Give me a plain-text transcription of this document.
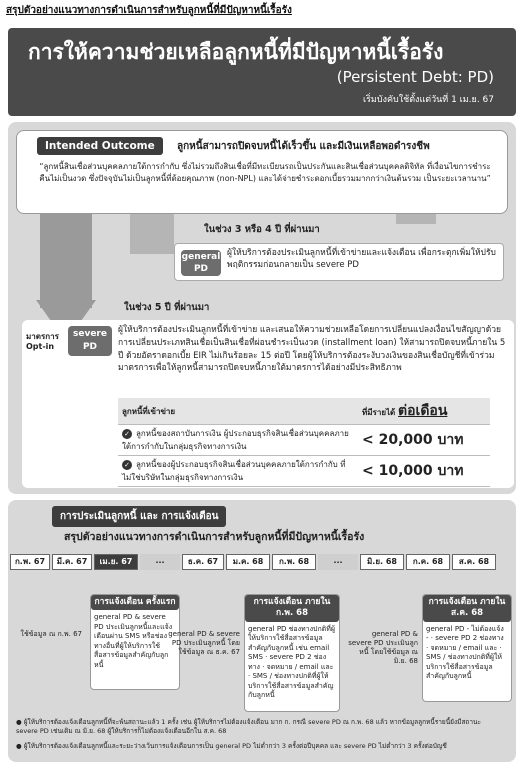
สรุปตัวอย่างแนวทางการดำเนินการสำหรับลูกหนี้ที่มีปัญหาหนี้เรื้อรัง
การให้ความช่วยเหลือลูกหนี้ที่มีปัญหาหนี้เรื้อรัง
(Persistent Debt: PD)
เริ่มบังคับใช้ตั้งแต่วันที่ 1 เม.ย. 67
Intended Outcome	ลูกหนี้สามารถปิดจบหนี้ได้เร็วขึ้น และมีเงินเหลือพอดำรงชีพ
“ลูกหนี้สินเชื่อส่วนบุคคลภายใต้การกำกับ ซึ่งไม่รวมถึงสินเชื่อที่มีทะเบียนรถเป็นประกันและสินเชื่อส่วนบุคคลดิจิทัล ที่เงื่อนไขการชำระคืนไม่เป็นงวด ซึ่งปัจจุบันไม่เป็นลูกหนี้ที่ด้อยคุณภาพ (non-NPL) และได้จ่ายชำระดอกเบี้ยรวมมากกว่าเงินต้นรวม เป็นระยะเวลานาน”
ในช่วง 3 หรือ 4 ปี ที่ผ่านมา
general PD
ผู้ให้บริการต้องประเมินลูกหนี้ที่เข้าข่ายและแจ้งเตือน เพื่อกระตุกเพิ่มให้ปรับพฤติกรรมก่อนกลายเป็น severe PD
ในช่วง 5 ปี ที่ผ่านมา
มาตรการ Opt-in
severe PD
ผู้ให้บริการต้องประเมินลูกหนี้ที่เข้าข่าย และเสนอให้ความช่วยเหลือโดยการเปลี่ยนแปลงเงื่อนไขสัญญาด้วยการเปลี่ยนประเภทสินเชื่อเป็นสินเชื่อที่ผ่อนชำระเป็นงวด (installment loan) ให้สามารถปิดจบหนี้ภายใน 5 ปี ด้วยอัตราดอกเบี้ย EIR ไม่เกินร้อยละ 15 ต่อปี โดยผู้ให้บริการต้องระงับวงเงินของสินเชื่อบัญชีที่เข้าร่วมมาตรการเพื่อให้ลูกหนี้สามารถปิดจบหนี้ภายใต้มาตรการได้อย่างมีประสิทธิภาพ
ลูกหนี้ที่เข้าข่าย	ที่มีรายได้ ต่อเดือน
✓ ลูกหนี้ของสถาบันการเงิน ผู้ประกอบธุรกิจสินเชื่อส่วนบุคคลภายใต้การกำกับในกลุ่มธุรกิจทางการเงิน	< 20,000 บาท
✓ ลูกหนี้ของผู้ประกอบธุรกิจสินเชื่อส่วนบุคคลภายใต้การกำกับ ที่ไม่ใช่บริษัทในกลุ่มธุรกิจทางการเงิน	< 10,000 บาท
การประเมินลูกหนี้ และ การแจ้งเตือน
สรุปตัวอย่างแนวทางการดำเนินการสำหรับลูกหนี้ที่มีปัญหาหนี้เรื้อรัง
ก.พ. 67	มี.ค. 67	เม.ย. 67	...	ธ.ค. 67	ม.ค. 68	ก.พ. 68	...	มิ.ย. 68	ก.ค. 68	ส.ค. 68
ใช้ข้อมูล ณ ก.พ. 67
การแจ้งเตือน ครั้งแรก
general PD & severe PD ประเมินลูกหนี้และแจ้งเตือนผ่าน SMS หรือช่องทางอื่นที่ผู้ให้บริการใช้สื่อสารข้อมูลสำคัญกับลูกหนี้
general PD & severe PD ประเมินลูกหนี้ โดยใช้ข้อมูล ณ ธ.ค. 67
การแจ้งเตือน ภายใน ก.พ. 68
general PD ช่องทางปกติที่ผู้ให้บริการใช้สื่อสารข้อมูลสำคัญกับลูกหนี้ เช่น email SMS · severe PD 2 ช่องทาง · จดหมาย / email และ · SMS / ช่องทางปกติที่ผู้ให้บริการใช้สื่อสารข้อมูลสำคัญกับลูกหนี้
general PD & severe PD ประเมินลูกหนี้ โดยใช้ข้อมูล ณ มิ.ย. 68
การแจ้งเตือน ภายใน ส.ค. 68
general PD - ไม่ต้องแจ้ง - · severe PD 2 ช่องทาง · จดหมาย / email และ · SMS / ช่องทางปกติที่ผู้ให้บริการใช้สื่อสารข้อมูลสำคัญกับลูกหนี้
● ผู้ให้บริการต้องแจ้งเตือนลูกหนี้ที่จะพ้นสถานะแล้ว 1 ครั้ง เช่น ผู้ให้บริการไม่ต้องแจ้งเตือน มาก ก. กรณี severe PD ณ ก.พ. 68 แล้ว หากข้อมูลลูกหนี้รายนี้ยังมีสถานะ severe PD เช่นเดิม ณ มิ.ย. 68 ผู้ให้บริการก็ไม่ต้องแจ้งเตือนอีกใน ส.ค. 68
● ผู้ให้บริการต้องแจ้งเตือนลูกหนี้และระยะว่างเว้นการแจ้งเตือนการเป็น general PD ไม่ต่ำกว่า 3 ครั้งต่อปีบุคคล และ severe PD ไม่ต่ำกว่า 3 ครั้งต่อบัญชี
